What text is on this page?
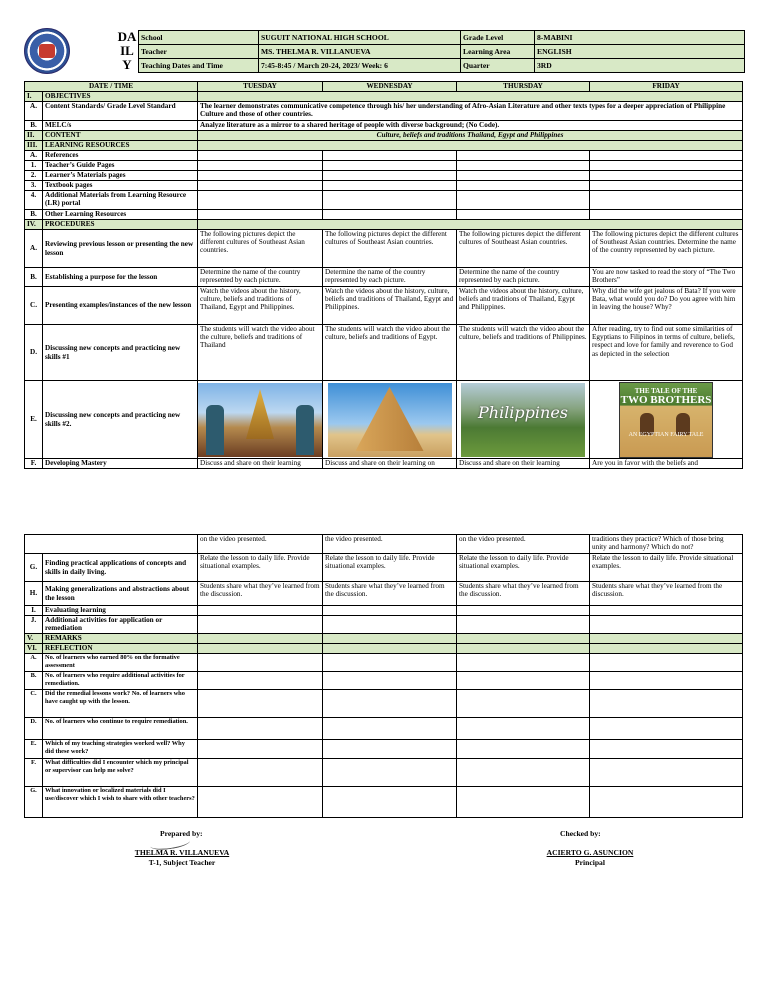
DA
IL
Y
School	SUGUIT NATIONAL HIGH SCHOOL	Grade Level	8-MABINI
Teacher	MS. THELMA R. VILLANUEVA	Learning Area	ENGLISH
Teaching Dates and Time	7:45-8:45 / March 20-24, 2023/ Week: 6	Quarter	3RD
DATE / TIME		TUESDAY	WEDNESDAY	THURSDAY	FRIDAY
I.	OBJECTIVES				
A.	Content Standards/ Grade Level Standard	The learner demonstrates communicative competence through his/ her understanding of Afro-Asian Literature and other texts types for a deeper appreciation of Philippine Culture and those of other countries.			
B.	MELC/s	Analyze literature as a mirror to a shared heritage of people with diverse background; (No Code).			
II.	CONTENT	Culture, beliefs and traditions Thailand, Egypt and Philippines			
III.	LEARNING RESOURCES				
A.	References				
1.	Teacher’s Guide Pages				
2.	Learner’s Materials pages				
3.	Textbook pages				
4.	Additional Materials from Learning Resource (LR) portal				
B.	Other Learning Resources				
IV.	PROCEDURES				
A.	Reviewing previous lesson or presenting the new lesson	The following pictures depict the different cultures of Southeast Asian countries.	The following pictures depict the different cultures of Southeast Asian countries.	The following pictures depict the different cultures of Southeast Asian countries.	The following pictures depict the different cultures of Southeast Asian countries. Determine the name of the country represented by each picture.
B.	Establishing a purpose for the lesson	Determine the name of the country represented by each picture.	Determine the name of the country represented by each picture.	Determine the name of the country represented by each picture.	You are now tasked to read the story of “The Two Brothers”
C.	Presenting examples/instances of the new lesson	Watch the videos about the history, culture, beliefs and traditions of Thailand, Egypt and Philippines.	Watch the videos about the history, culture, beliefs and traditions of Thailand, Egypt and Philippines.	Watch the videos about the history, culture, beliefs and traditions of Thailand, Egypt and Philippines.	Why did the wife get jealous of Bata? If you were Bata, what would you do? Do you agree with him in leaving the house? Why?
D.	Discussing new concepts and practicing new skills #1	The students will watch the video about the culture, beliefs and traditions of Thailand	The students will watch the video about the culture, beliefs and traditions of Egypt.	The students will watch the video about the culture, beliefs and traditions of Philippines.	After reading, try to find out some similarities of Egyptians to Filipinos in terms of culture, beliefs, respect and love for family and reverence to God as depicted in the selection
E.	Discussing new concepts and practicing new skills #2.			Philippines	THE TALE OF THE
TWO BROTHERS
AN EGYPTIAN FAIRY TALE

F.	Developing Mastery	Discuss and share on their learning	Discuss and share on their learning on	Discuss and share on their learning	Are you in favor with the beliefs and
		on the video presented.	the video presented.	on the video presented.	traditions they practice? Which of those bring unity and harmony? Which do not?
G.	Finding practical applications of concepts and skills in daily living.	Relate the lesson to daily life. Provide situational examples.	Relate the lesson to daily life. Provide situational examples.	Relate the lesson to daily life. Provide situational examples.	Relate the lesson to daily life. Provide situational examples.
H.	Making generalizations and abstractions about the lesson	Students share what they’ve learned from the discussion.	Students share what they’ve learned from the discussion.	Students share what they’ve learned from the discussion.	Students share what they’ve learned from the discussion.
I.	Evaluating learning				
J.	Additional activities for application or remediation				
V.	REMARKS				
VI.	REFLECTION				
A.	No. of learners who earned 80% on the formative assessment				
B.	No. of learners who require additional activities for remediation.				
C.	Did the remedial lessons work? No. of learners who have caught up with the lesson.				
D.	No. of learners who continue to require remediation.				
E.	Which of my teaching strategies worked well? Why did these work?				
F.	What difficulties did I encounter which my principal or supervisor can help me solve?				
G.	What innovation or localized materials did I use/discover which I wish to share with other teachers?				
Prepared by:
THELMA R. VILLANUEVA
T-1, Subject Teacher
Checked by:
ACIERTO G. ASUNCION
Principal
